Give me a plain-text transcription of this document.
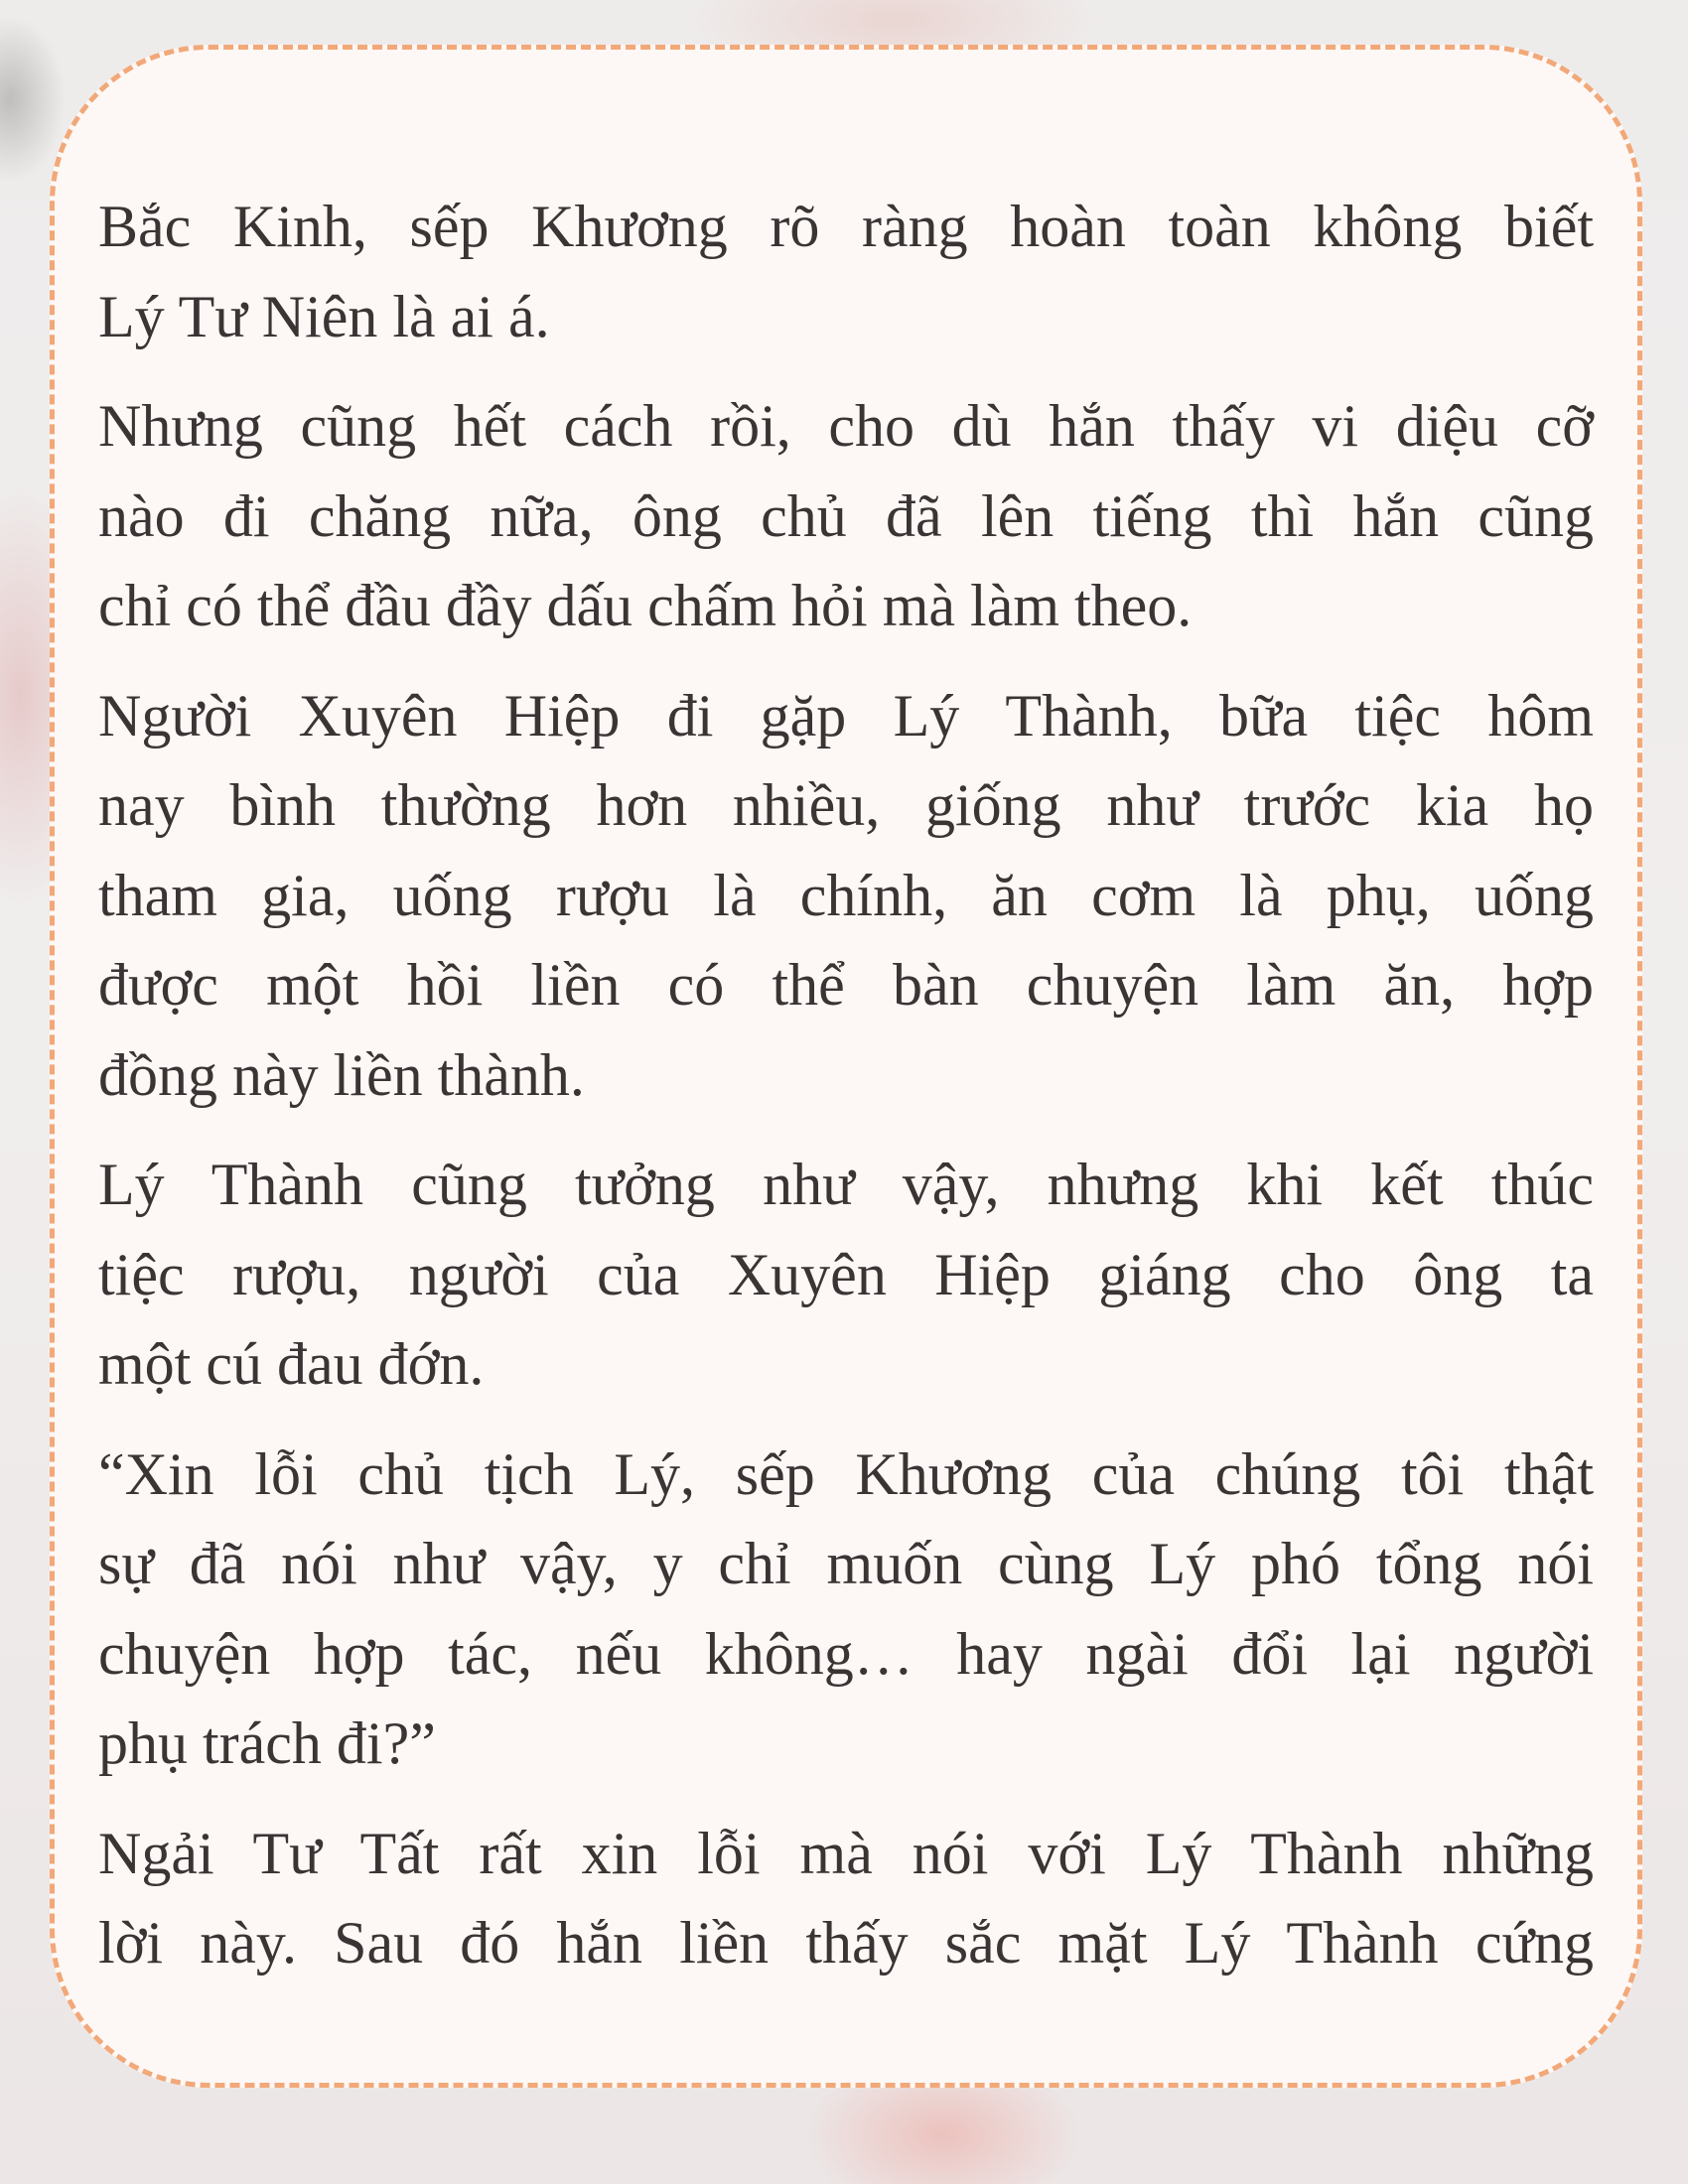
Bắc Kinh, sếp Khương rõ ràng hoàn toàn không biết
Lý Tư Niên là ai á.
Nhưng cũng hết cách rồi, cho dù hắn thấy vi diệu cỡ
nào đi chăng nữa, ông chủ đã lên tiếng thì hắn cũng
chỉ có thể đầu đầy dấu chấm hỏi mà làm theo.
Người Xuyên Hiệp đi gặp Lý Thành, bữa tiệc hôm
nay bình thường hơn nhiều, giống như trước kia họ
tham gia, uống rượu là chính, ăn cơm là phụ, uống
được một hồi liền có thể bàn chuyện làm ăn, hợp
đồng này liền thành.
Lý Thành cũng tưởng như vậy, nhưng khi kết thúc
tiệc rượu, người của Xuyên Hiệp giáng cho ông ta
một cú đau đớn.
“Xin lỗi chủ tịch Lý, sếp Khương của chúng tôi thật
sự đã nói như vậy, y chỉ muốn cùng Lý phó tổng nói
chuyện hợp tác, nếu không… hay ngài đổi lại người
phụ trách đi?”
Ngải Tư Tất rất xin lỗi mà nói với Lý Thành những
lời này. Sau đó hắn liền thấy sắc mặt Lý Thành cứng
